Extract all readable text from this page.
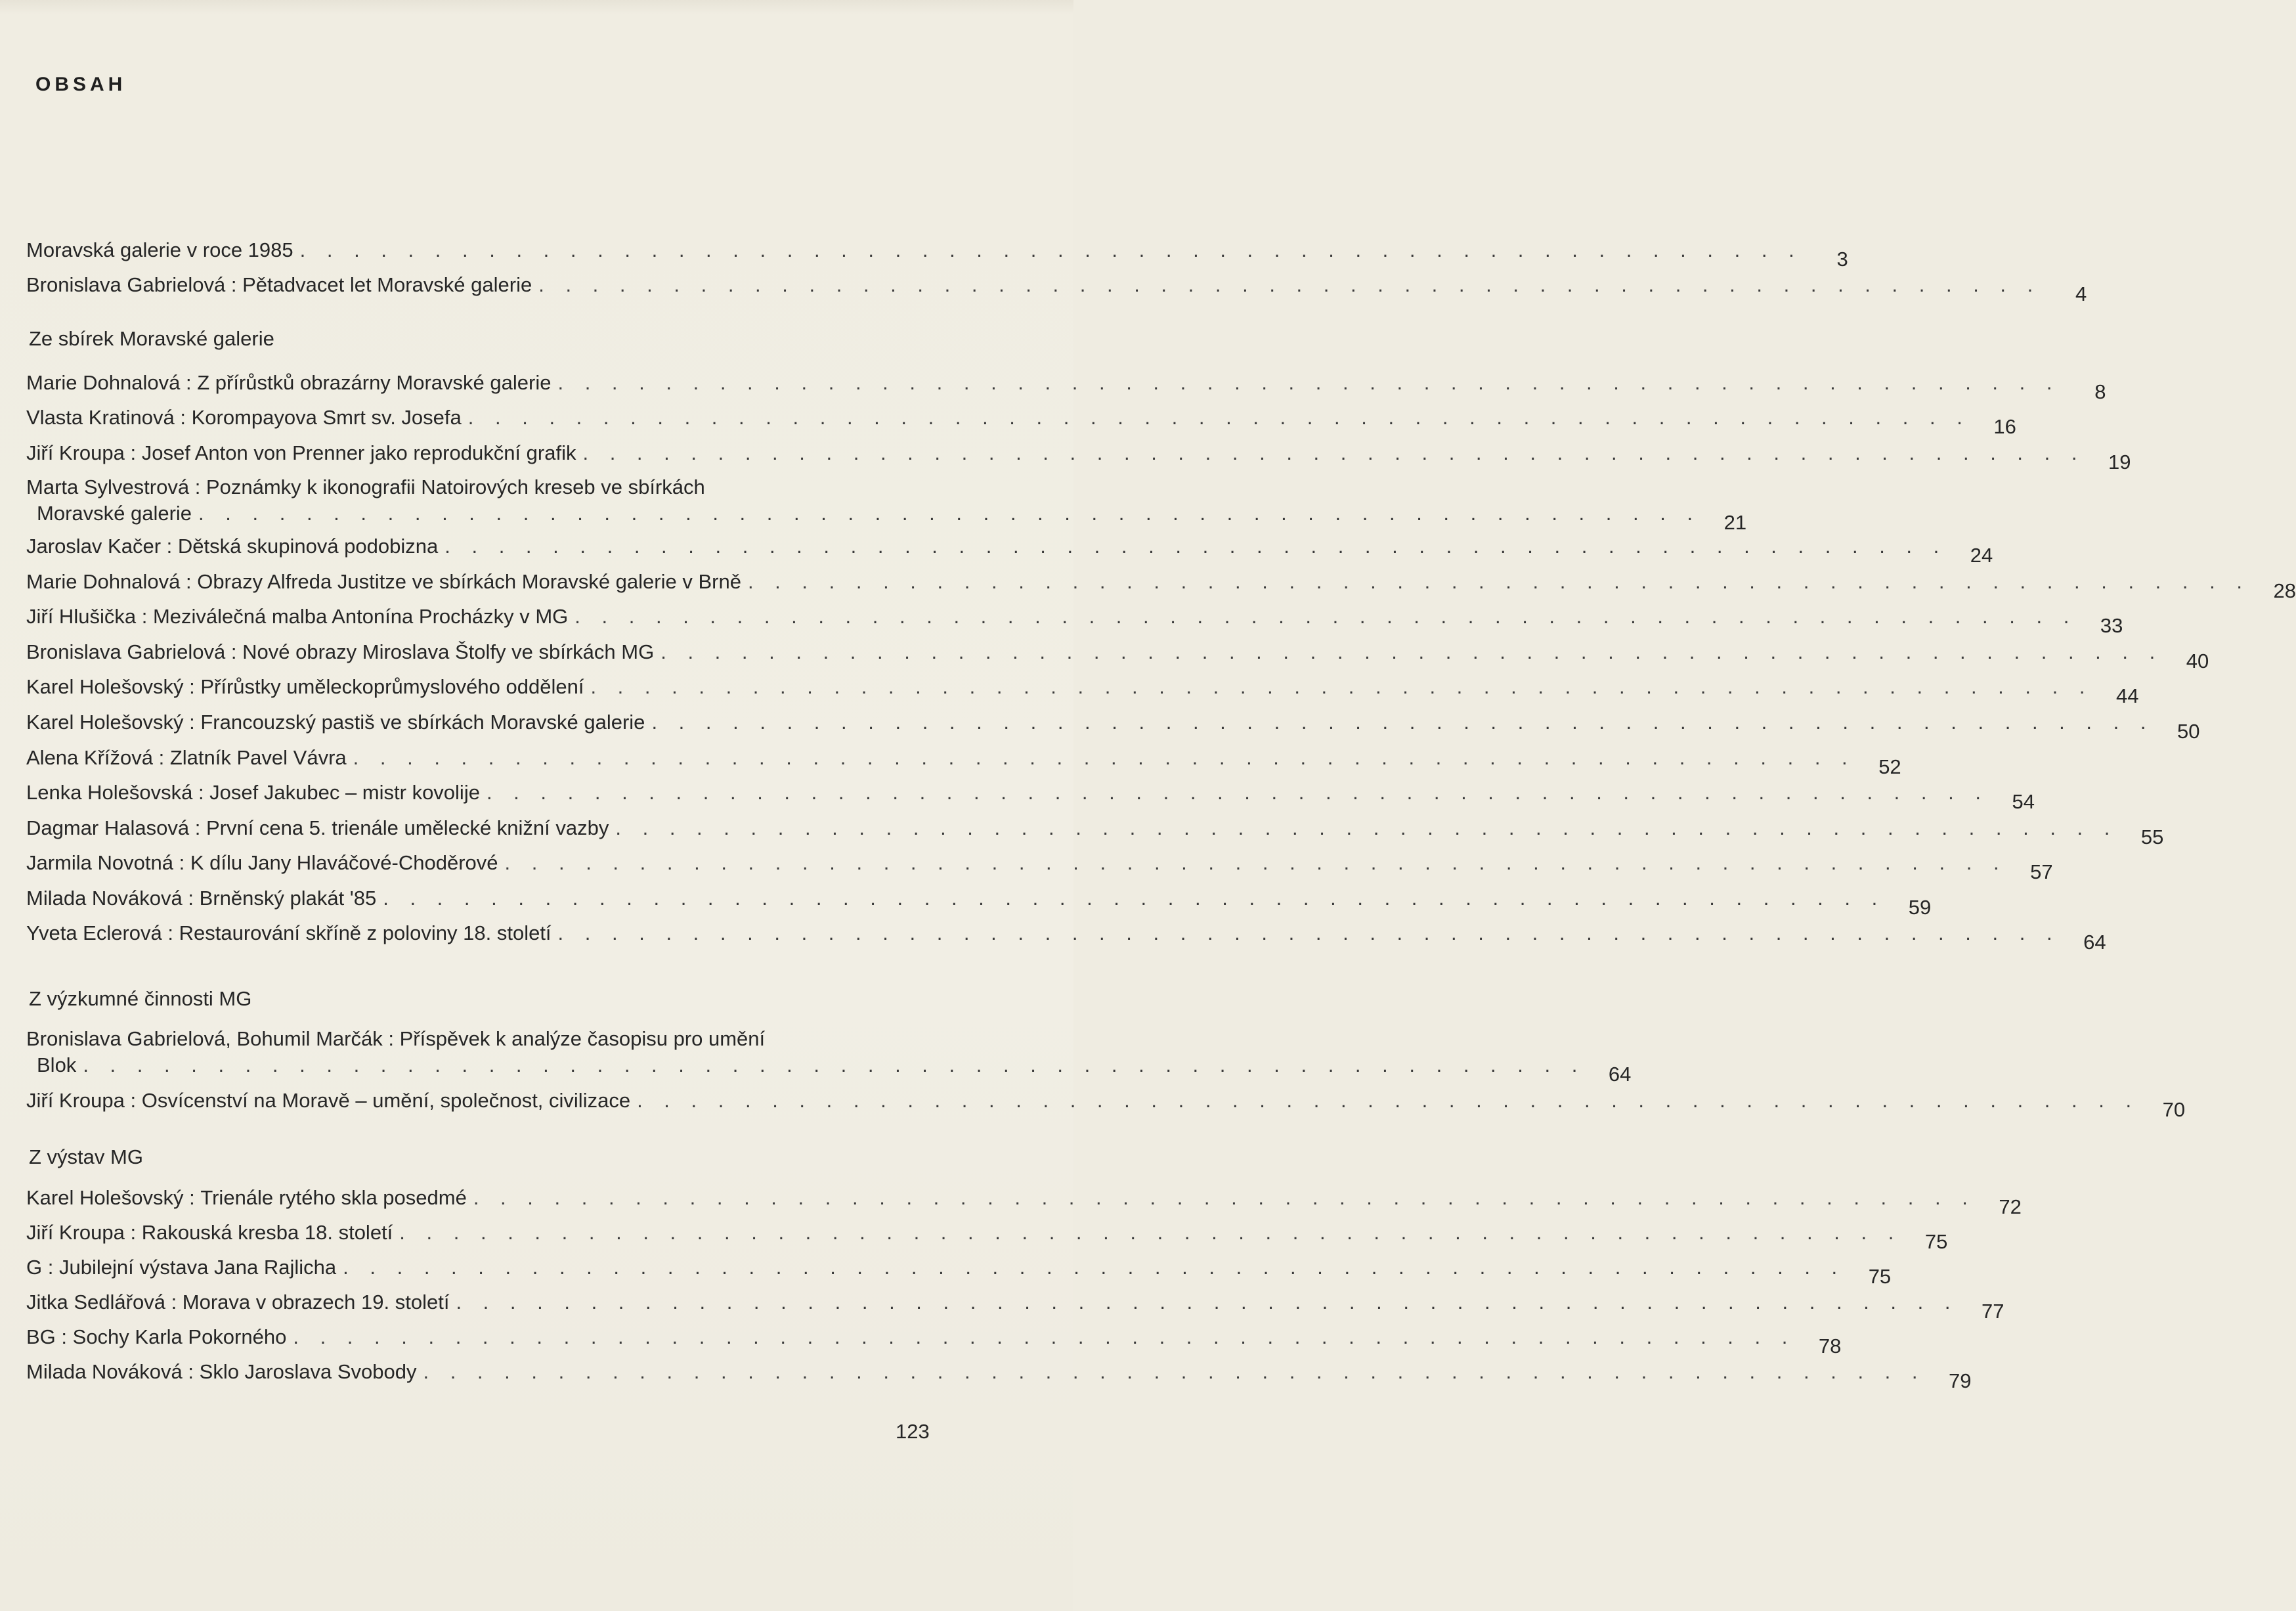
OBSAH
Moravská galerie v roce 1985 . . . . . . . . . . . . . . . . . . . . . . . . . . . . . . . . . . . . . . . . . . . . . . . . . . . . . . . .	3
Bronislava Gabrielová : Pětadvacet let Moravské galerie . . . . . . . . . . . . . . . . . . . . . . . . . . . . . . . . . . . . . . . . . . . . . . . . . . . . . . . .	4
Ze sbírek Moravské galerie
Marie Dohnalová : Z přírůstků obrazárny Moravské galerie . . . . . . . . . . . . . . . . . . . . . . . . . . . . . . . . . . . . . . . . . . . . . . . . . . . . . . . .	8
Vlasta Kratinová : Korompayova Smrt sv. Josefa . . . . . . . . . . . . . . . . . . . . . . . . . . . . . . . . . . . . . . . . . . . . . . . . . . . . . . . .	16
Jiří Kroupa : Josef Anton von Prenner jako reprodukční grafik . . . . . . . . . . . . . . . . . . . . . . . . . . . . . . . . . . . . . . . . . . . . . . . . . . . . . . . .	19
Marta Sylvestrová : Poznámky k ikonografii Natoirových kreseb ve sbírkách
Moravské galerie . . . . . . . . . . . . . . . . . . . . . . . . . . . . . . . . . . . . . . . . . . . . . . . . . . . . . . . .	21
Jaroslav Kačer : Dětská skupinová podobizna . . . . . . . . . . . . . . . . . . . . . . . . . . . . . . . . . . . . . . . . . . . . . . . . . . . . . . . .	24
Marie Dohnalová : Obrazy Alfreda Justitze ve sbírkách Moravské galerie v Brně . . . . . . . . . . . . . . . . . . . . . . . . . . . . . . . . . . . . . . . . . . . . . . . . . . . . . . . .	28
Jiří Hlušička : Meziválečná malba Antonína Procházky v MG . . . . . . . . . . . . . . . . . . . . . . . . . . . . . . . . . . . . . . . . . . . . . . . . . . . . . . . .	33
Bronislava Gabrielová : Nové obrazy Miroslava Štolfy ve sbírkách MG . . . . . . . . . . . . . . . . . . . . . . . . . . . . . . . . . . . . . . . . . . . . . . . . . . . . . . . .	40
Karel Holešovský : Přírůstky uměleckoprůmyslového oddělení . . . . . . . . . . . . . . . . . . . . . . . . . . . . . . . . . . . . . . . . . . . . . . . . . . . . . . . .	44
Karel Holešovský : Francouzský pastiš ve sbírkách Moravské galerie . . . . . . . . . . . . . . . . . . . . . . . . . . . . . . . . . . . . . . . . . . . . . . . . . . . . . . . .	50
Alena Křížová : Zlatník Pavel Vávra . . . . . . . . . . . . . . . . . . . . . . . . . . . . . . . . . . . . . . . . . . . . . . . . . . . . . . . .	52
Lenka Holešovská : Josef Jakubec – mistr kovolije . . . . . . . . . . . . . . . . . . . . . . . . . . . . . . . . . . . . . . . . . . . . . . . . . . . . . . . .	54
Dagmar Halasová : První cena 5. trienále umělecké knižní vazby . . . . . . . . . . . . . . . . . . . . . . . . . . . . . . . . . . . . . . . . . . . . . . . . . . . . . . . .	55
Jarmila Novotná : K dílu Jany Hlaváčové-Choděrové . . . . . . . . . . . . . . . . . . . . . . . . . . . . . . . . . . . . . . . . . . . . . . . . . . . . . . . .	57
Milada Nováková : Brněnský plakát '85 . . . . . . . . . . . . . . . . . . . . . . . . . . . . . . . . . . . . . . . . . . . . . . . . . . . . . . . .	59
Yveta Eclerová : Restaurování skříně z poloviny 18. století . . . . . . . . . . . . . . . . . . . . . . . . . . . . . . . . . . . . . . . . . . . . . . . . . . . . . . . .	64
Z výzkumné činnosti MG
Bronislava Gabrielová, Bohumil Marčák : Příspěvek k analýze časopisu pro umění
Blok . . . . . . . . . . . . . . . . . . . . . . . . . . . . . . . . . . . . . . . . . . . . . . . . . . . . . . . .	64
Jiří Kroupa : Osvícenství na Moravě – umění, společnost, civilizace . . . . . . . . . . . . . . . . . . . . . . . . . . . . . . . . . . . . . . . . . . . . . . . . . . . . . . . .	70
Z výstav MG
Karel Holešovský : Trienále rytého skla posedmé . . . . . . . . . . . . . . . . . . . . . . . . . . . . . . . . . . . . . . . . . . . . . . . . . . . . . . . .	72
Jiří Kroupa : Rakouská kresba 18. století . . . . . . . . . . . . . . . . . . . . . . . . . . . . . . . . . . . . . . . . . . . . . . . . . . . . . . . .	75
G : Jubilejní výstava Jana Rajlicha . . . . . . . . . . . . . . . . . . . . . . . . . . . . . . . . . . . . . . . . . . . . . . . . . . . . . . . .	75
Jitka Sedlářová : Morava v obrazech 19. století . . . . . . . . . . . . . . . . . . . . . . . . . . . . . . . . . . . . . . . . . . . . . . . . . . . . . . . .	77
BG : Sochy Karla Pokorného . . . . . . . . . . . . . . . . . . . . . . . . . . . . . . . . . . . . . . . . . . . . . . . . . . . . . . . .	78
Milada Nováková : Sklo Jaroslava Svobody . . . . . . . . . . . . . . . . . . . . . . . . . . . . . . . . . . . . . . . . . . . . . . . . . . . . . . . .	79
123
